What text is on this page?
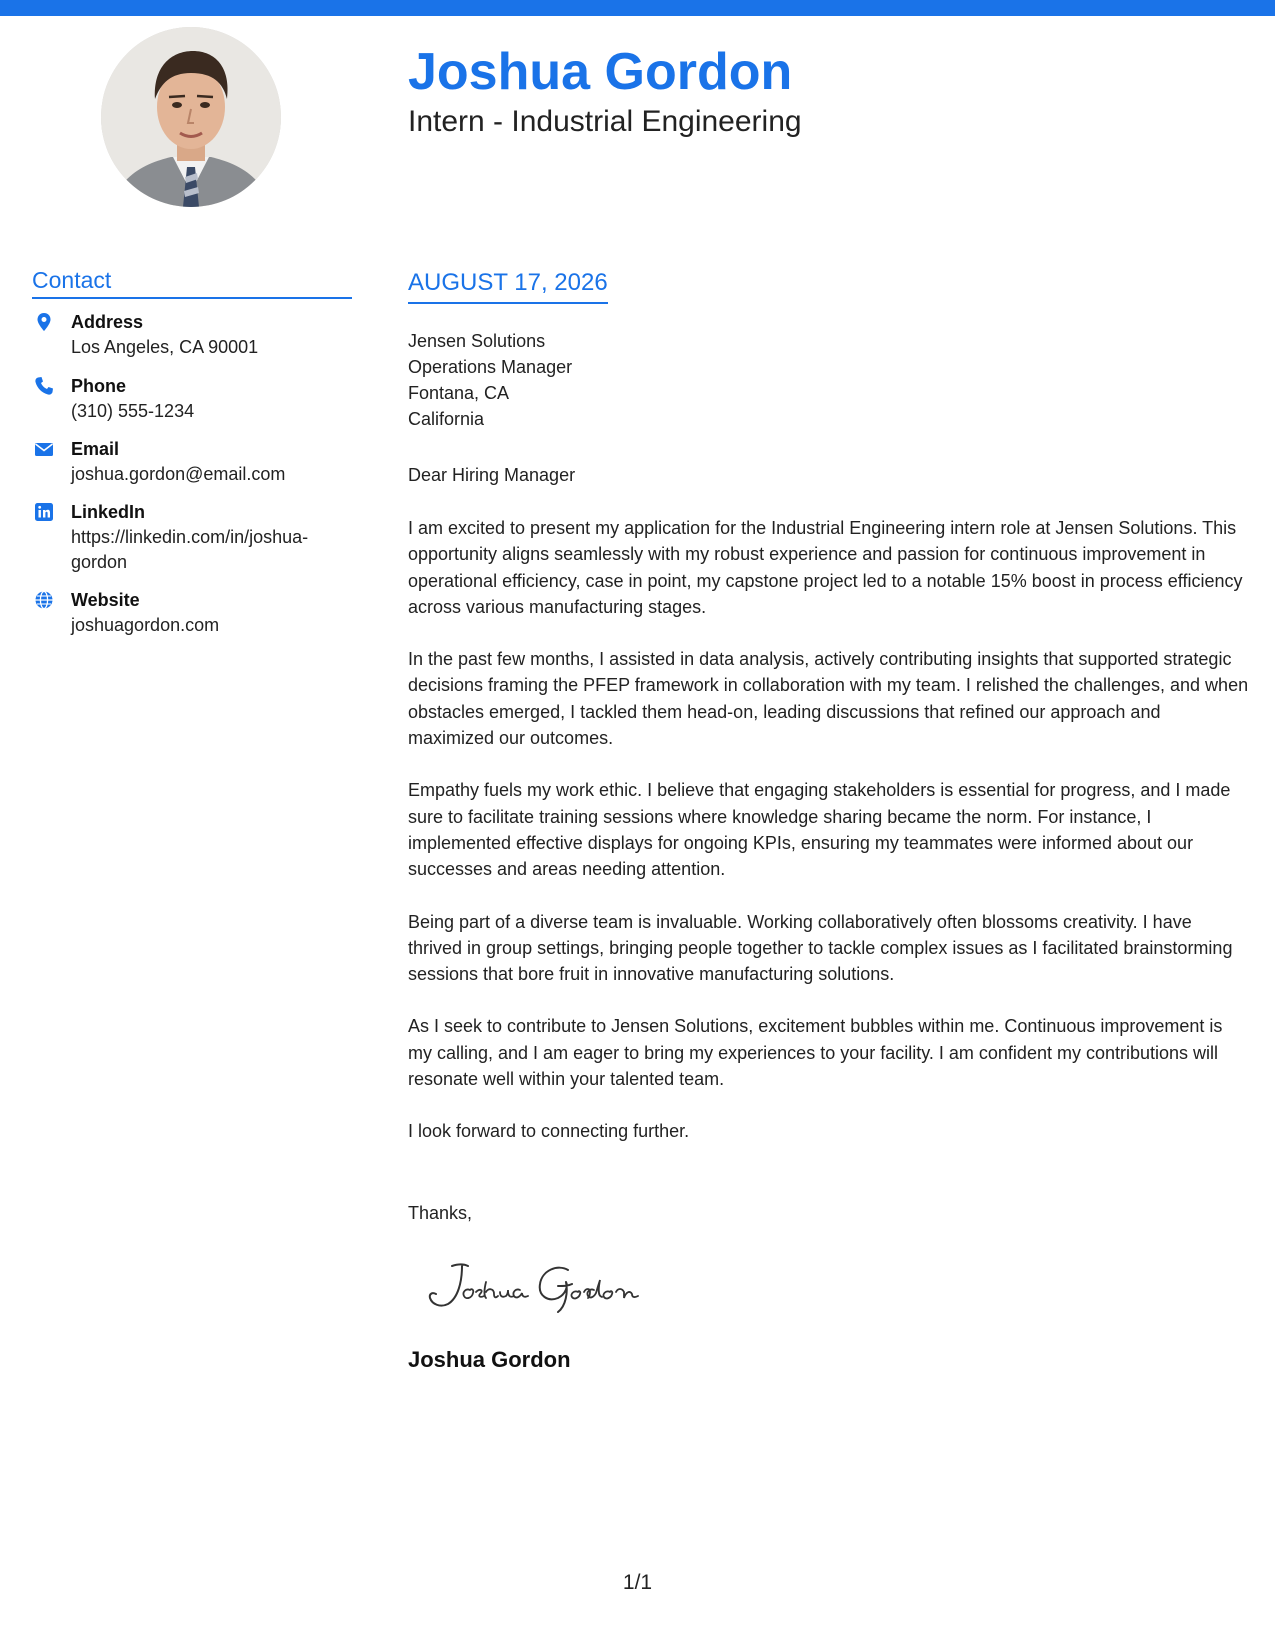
Joshua Gordon
Intern - Industrial Engineering
Contact
Address
Los Angeles, CA 90001
Phone
(310) 555-1234
Email
joshua.gordon@email.com
LinkedIn
https://linkedin.com/in/joshua-gordon
Website
joshuagordon.com
AUGUST 17, 2026
Jensen Solutions
Operations Manager
Fontana, CA
California
Dear Hiring Manager

I am excited to present my application for the Industrial Engineering intern role at Jensen Solutions. This opportunity aligns seamlessly with my robust experience and passion for continuous improvement in operational efficiency, case in point, my capstone project led to a notable 15% boost in process efficiency across various manufacturing stages.

In the past few months, I assisted in data analysis, actively contributing insights that supported strategic decisions framing the PFEP framework in collaboration with my team. I relished the challenges, and when obstacles emerged, I tackled them head-on, leading discussions that refined our approach and maximized our outcomes.

Empathy fuels my work ethic. I believe that engaging stakeholders is essential for progress, and I made sure to facilitate training sessions where knowledge sharing became the norm. For instance, I implemented effective displays for ongoing KPIs, ensuring my teammates were informed about our successes and areas needing attention.

Being part of a diverse team is invaluable. Working collaboratively often blossoms creativity. I have thrived in group settings, bringing people together to tackle complex issues as I facilitated brainstorming sessions that bore fruit in innovative manufacturing solutions.

As I seek to contribute to Jensen Solutions, excitement bubbles within me. Continuous improvement is my calling, and I am eager to bring my experiences to your facility. I am confident my contributions will resonate well within your talented team.

I look forward to connecting further.

Thanks,
Joshua Gordon
1/1
